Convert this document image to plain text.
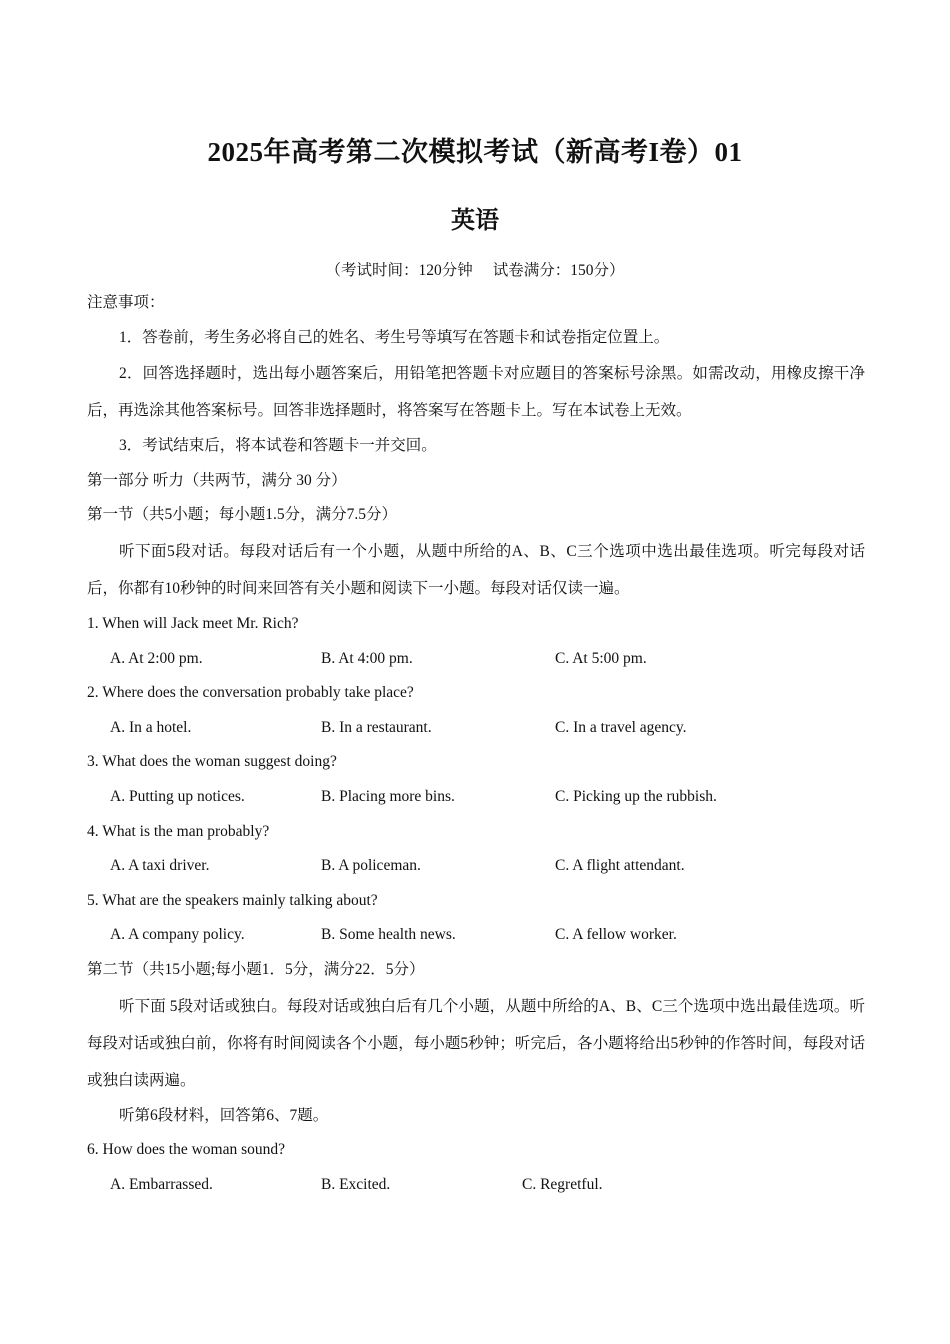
2025年高考第二次模拟考试（新高考I卷）01
英语
（考试时间：120分钟 试卷满分：150分）
注意事项：
1．答卷前，考生务必将自己的姓名、考生号等填写在答题卡和试卷指定位置上。
2．回答选择题时，选出每小题答案后，用铅笔把答题卡对应题目的答案标号涂黑。如需改动，用橡皮擦干净后，再选涂其他答案标号。回答非选择题时，将答案写在答题卡上。写在本试卷上无效。
3．考试结束后，将本试卷和答题卡一并交回。
第一部分 听力（共两节，满分 30 分）
第一节（共5小题；每小题1.5分，满分7.5分）
听下面5段对话。每段对话后有一个小题，从题中所给的A、B、C三个选项中选出最佳选项。听完每段对话后，你都有10秒钟的时间来回答有关小题和阅读下一小题。每段对话仅读一遍。
1. When will Jack meet Mr. Rich?
A. At 2:00 pm.	B. At 4:00 pm.	C. At 5:00 pm.
2. Where does the conversation probably take place?
A. In a hotel.	B. In a restaurant.	C. In a travel agency.
3. What does the woman suggest doing?
A. Putting up notices.	B. Placing more bins.	C. Picking up the rubbish.
4. What is the man probably?
A. A taxi driver.	B. A policeman.	C. A flight attendant.
5. What are the speakers mainly talking about?
A. A company policy.	B. Some health news.	C. A fellow worker.
第二节（共15小题;每小题1．5分，满分22．5分）
听下面 5段对话或独白。每段对话或独白后有几个小题，从题中所给的A、B、C三个选项中选出最佳选项。听每段对话或独白前，你将有时间阅读各个小题，每小题5秒钟；听完后，各小题将给出5秒钟的作答时间，每段对话或独白读两遍。
听第6段材料，回答第6、7题。
6. How does the woman sound?
A. Embarrassed.	B. Excited.	C. Regretful.
